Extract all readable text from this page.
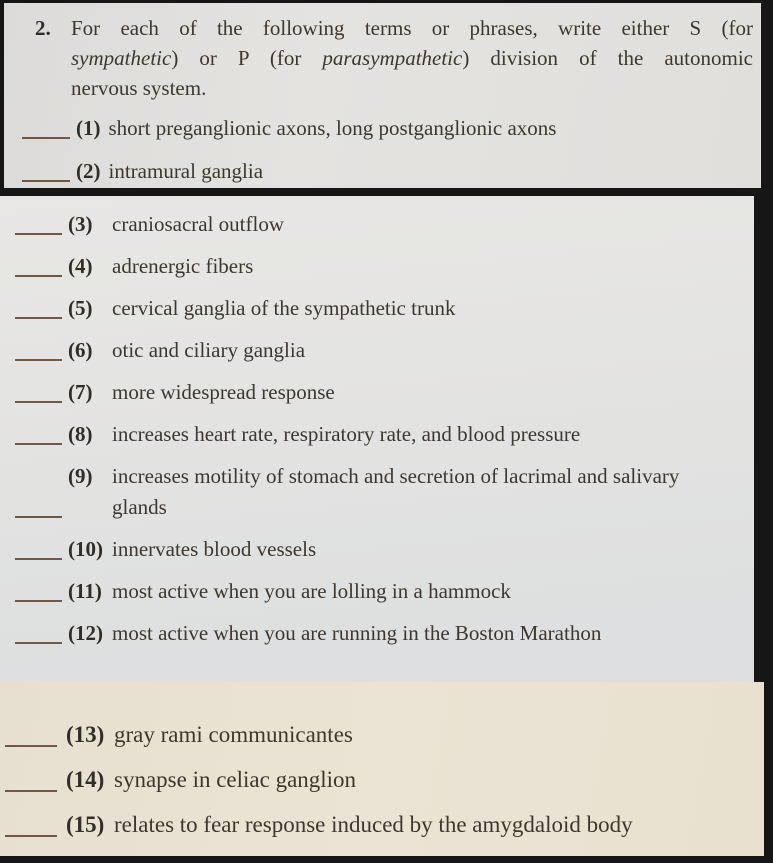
2. For each of the following terms or phrases, write either S (for
sympathetic) or P (for parasympathetic) division of the autonomic
nervous system.
(1) short preganglionic axons, long postganglionic axons
(2) intramural ganglia
(3) craniosacral outflow
(4) adrenergic fibers
(5) cervical ganglia of the sympathetic trunk
(6) otic and ciliary ganglia
(7) more widespread response
(8) increases heart rate, respiratory rate, and blood pressure
(9) increases motility of stomach and secretion of lacrimal and salivary glands
(10) innervates blood vessels
(11) most active when you are lolling in a hammock
(12) most active when you are running in the Boston Marathon
(13) gray rami communicantes
(14) synapse in celiac ganglion
(15) relates to fear response induced by the amygdaloid body
